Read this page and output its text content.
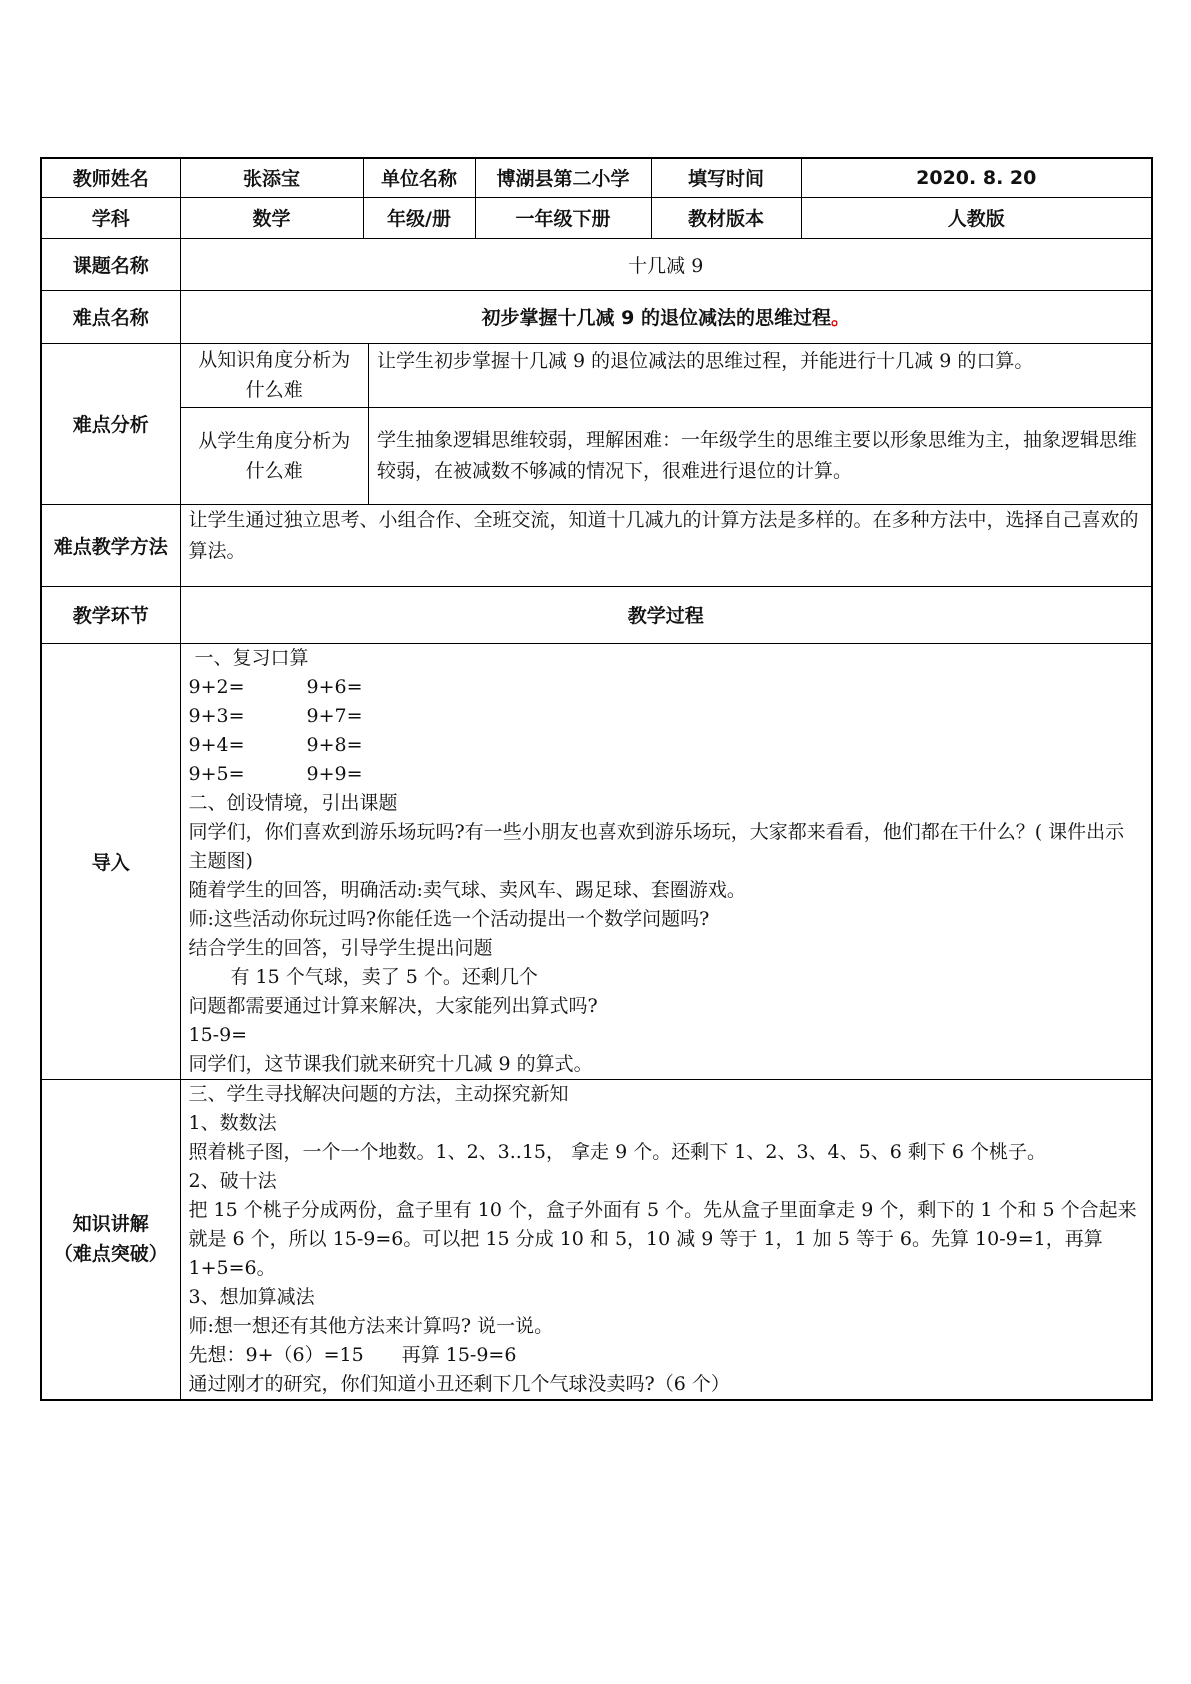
教师姓名	张添宝	单位名称	博湖县第二小学	填写时间	2020. 8. 20
学科	数学	年级/册	一年级下册	教材版本	人教版
课题名称	十几减 9
难点名称	初步掌握十几减 9 的退位减法的思维过程。
难点分析	
从知识角度分析为什么难	让学生初步掌握十几减 9 的退位减法的思维过程，并能进行十几减 9 的口算。
从学生角度分析为什么难	学生抽象逻辑思维较弱，理解困难：一年级学生的思维主要以形象思维为主，抽象逻辑思维较弱，在被减数不够减的情况下，很难进行退位的计算。

难点教学方法	让学生通过独立思考、小组合作、全班交流，知道十几减九的计算方法是多样的。在多种方法中，选择自己喜欢的算法。
教学环节	教学过程
导入	
一、复习口算
9+2=	9+6=
9+3=	9+7=
9+4=	9+8=
9+5=	9+9=
二、创设情境，引出课题
同学们，你们喜欢到游乐场玩吗?有一些小朋友也喜欢到游乐场玩，大家都来看看，他们都在干什么？( 课件出示主题图)
随着学生的回答，明确活动:卖气球、卖风车、踢足球、套圈游戏。
师:这些活动你玩过吗?你能任选一个活动提出一个数学问题吗?
结合学生的回答，引导学生提出问题
有 15 个气球，卖了 5 个。还剩几个
问题都需要通过计算来解决，大家能列出算式吗?
15-9=
同学们，这节课我们就来研究十几减 9 的算式。

知识讲解
（难点突破）

三、学生寻找解决问题的方法，主动探究新知
1、数数法
照着桃子图，一个一个地数。1、2、3..15， 拿走 9 个。还剩下 1、2、3、4、5、6 剩下 6 个桃子。
2、破十法
把 15 个桃子分成两份，盒子里有 10 个，盒子外面有 5 个。先从盒子里面拿走 9 个，剩下的 1 个和 5 个合起来就是 6 个，所以 15-9=6。可以把 15 分成 10 和 5，10 减 9 等于 1，1 加 5 等于 6。先算 10-9=1，再算 1+5=6。
3、想加算减法
师:想一想还有其他方法来计算吗? 说一说。
先想：9+（6）=15　　再算 15-9=6
通过刚才的研究，你们知道小丑还剩下几个气球没卖吗?（6 个）
